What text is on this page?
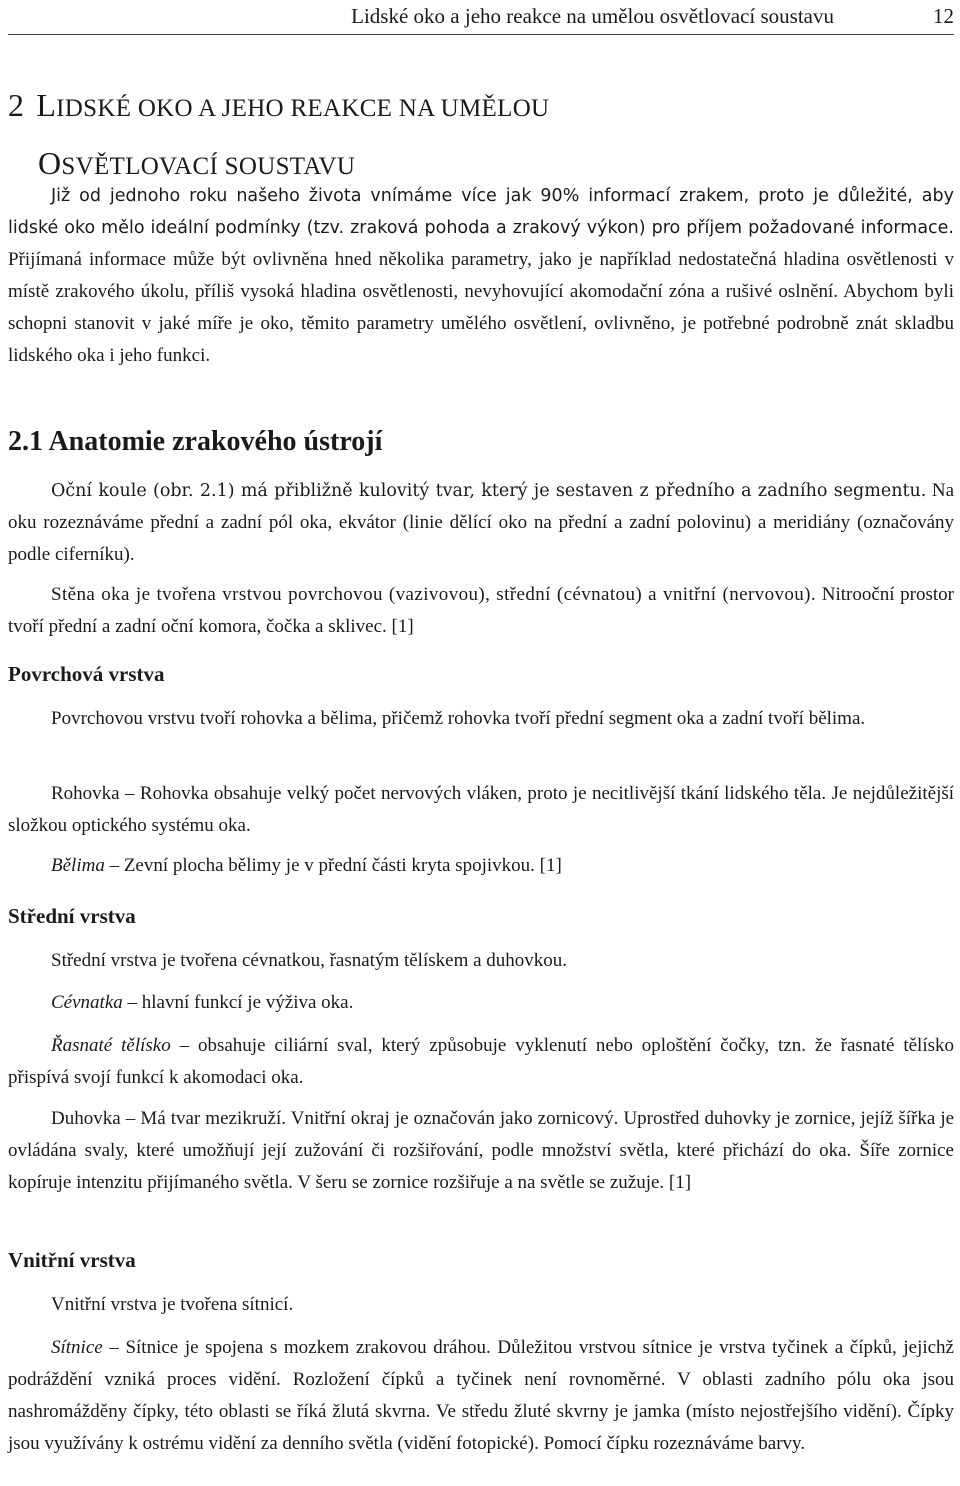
Lidské oko a jeho reakce na umělou osvětlovací soustavu	12
2 LIDSKÉ OKO A JEHO REAKCE NA UMĚLOU
OSVĚTLOVACÍ SOUSTAVU

Již od jednoho roku našeho života vnímáme více jak 90% informací zrakem, proto je důležité, aby lidské oko mělo ideální podmínky (tzv. zraková pohoda a zrakový výkon) pro příjem požadované informace. Přijímaná informace může být ovlivněna hned několika parametry, jako je například nedostatečná hladina osvětlenosti v místě zrakového úkolu, příliš vysoká hladina osvětlenosti, nevyhovující akomodační zóna a rušivé oslnění. Abychom byli schopni stanovit v jaké míře je oko, těmito parametry umělého osvětlení, ovlivněno, je potřebné podrobně znát skladbu lidského oka i jeho funkci.

2.1 Anatomie zrakového ústrojí

Oční koule (obr. 2.1) má přibližně kulovitý tvar, který je sestaven z předního a zadního segmentu. Na oku rozeznáváme přední a zadní pól oka, ekvátor (linie dělící oko na přední a zadní polovinu) a meridiány (označovány podle ciferníku).

Stěna oka je tvořena vrstvou povrchovou (vazivovou), střední (cévnatou) a vnitřní (nervovou). Nitrooční prostor tvoří přední a zadní oční komora, čočka a sklivec. [1]

Povrchová vrstva

Povrchovou vrstvu tvoří rohovka a bělima, přičemž rohovka tvoří přední segment oka a zadní tvoří bělima.

Rohovka – Rohovka obsahuje velký počet nervových vláken, proto je necitlivější tkání lidského těla. Je nejdůležitější složkou optického systému oka.

Bělima – Zevní plocha bělimy je v přední části kryta spojivkou. [1]

Střední vrstva

Střední vrstva je tvořena cévnatkou, řasnatým tělískem a duhovkou.

Cévnatka – hlavní funkcí je výživa oka.

Řasnaté tělísko – obsahuje ciliární sval, který způsobuje vyklenutí nebo oploštění čočky, tzn. že řasnaté tělísko přispívá svojí funkcí k akomodaci oka.

Duhovka – Má tvar mezikruží. Vnitřní okraj je označován jako zornicový. Uprostřed duhovky je zornice, jejíž šířka je ovládána svaly, které umožňují její zužování či rozšiřování, podle množství světla, které přichází do oka. Šíře zornice kopíruje intenzitu přijímaného světla. V šeru se zornice rozšiřuje a na světle se zužuje. [1]

Vnitřní vrstva

Vnitřní vrstva je tvořena sítnicí.

Sítnice – Sítnice je spojena s mozkem zrakovou dráhou. Důležitou vrstvou sítnice je vrstva tyčinek a čípků, jejichž podráždění vzniká proces vidění. Rozložení čípků a tyčinek není rovnoměrné. V oblasti zadního pólu oka jsou nashromážděny čípky, této oblasti se říká žlutá skvrna. Ve středu žluté skvrny je jamka (místo nejostřejšího vidění). Čípky jsou využívány k ostrému vidění za denního světla (vidění fotopické). Pomocí čípku rozeznáváme barvy.
